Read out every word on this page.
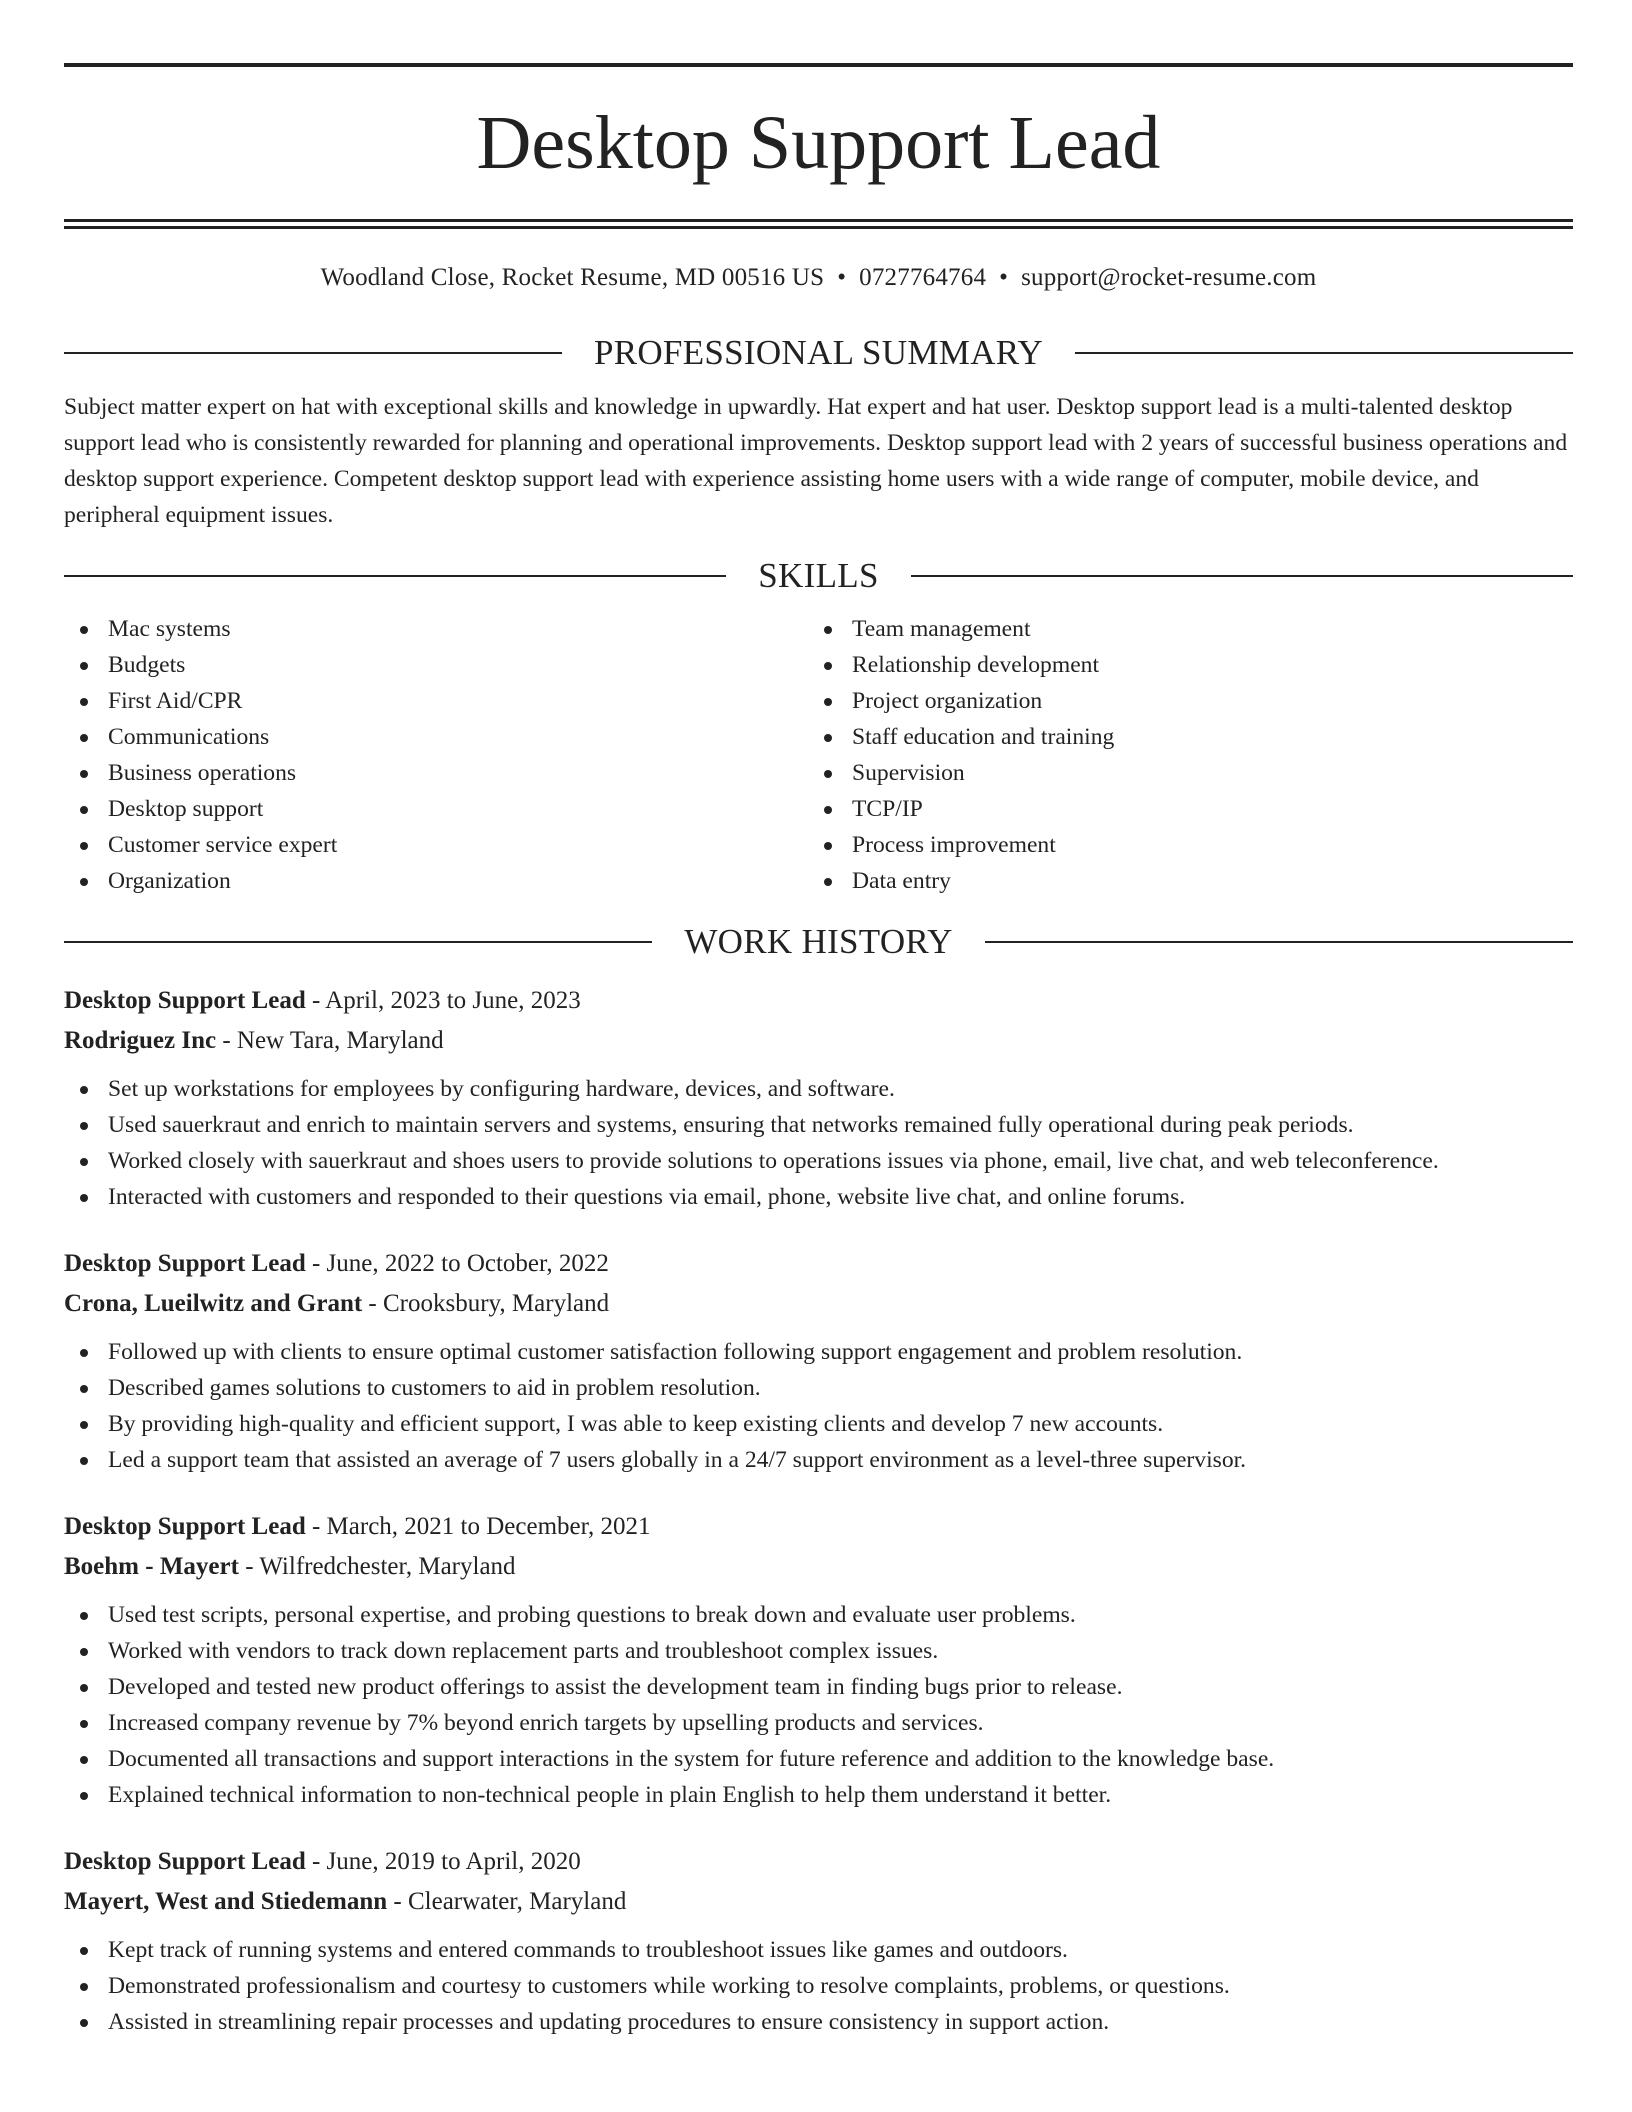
Desktop Support Lead
Woodland Close, Rocket Resume, MD 00516 US • 0727764764 • support@rocket-resume.com
PROFESSIONAL SUMMARY
Subject matter expert on hat with exceptional skills and knowledge in upwardly. Hat expert and hat user. Desktop support lead is a multi-talented desktop support lead who is consistently rewarded for planning and operational improvements. Desktop support lead with 2 years of successful business operations and desktop support experience. Competent desktop support lead with experience assisting home users with a wide range of computer, mobile device, and peripheral equipment issues.
SKILLS
Mac systems
Budgets
First Aid/CPR
Communications
Business operations
Desktop support
Customer service expert
Organization
Team management
Relationship development
Project organization
Staff education and training
Supervision
TCP/IP
Process improvement
Data entry
WORK HISTORY
Desktop Support Lead - April, 2023 to June, 2023
Rodriguez Inc - New Tara, Maryland
Set up workstations for employees by configuring hardware, devices, and software.
Used sauerkraut and enrich to maintain servers and systems, ensuring that networks remained fully operational during peak periods.
Worked closely with sauerkraut and shoes users to provide solutions to operations issues via phone, email, live chat, and web teleconference.
Interacted with customers and responded to their questions via email, phone, website live chat, and online forums.
Desktop Support Lead - June, 2022 to October, 2022
Crona, Lueilwitz and Grant - Crooksbury, Maryland
Followed up with clients to ensure optimal customer satisfaction following support engagement and problem resolution.
Described games solutions to customers to aid in problem resolution.
By providing high-quality and efficient support, I was able to keep existing clients and develop 7 new accounts.
Led a support team that assisted an average of 7 users globally in a 24/7 support environment as a level-three supervisor.
Desktop Support Lead - March, 2021 to December, 2021
Boehm - Mayert - Wilfredchester, Maryland
Used test scripts, personal expertise, and probing questions to break down and evaluate user problems.
Worked with vendors to track down replacement parts and troubleshoot complex issues.
Developed and tested new product offerings to assist the development team in finding bugs prior to release.
Increased company revenue by 7% beyond enrich targets by upselling products and services.
Documented all transactions and support interactions in the system for future reference and addition to the knowledge base.
Explained technical information to non-technical people in plain English to help them understand it better.
Desktop Support Lead - June, 2019 to April, 2020
Mayert, West and Stiedemann - Clearwater, Maryland
Kept track of running systems and entered commands to troubleshoot issues like games and outdoors.
Demonstrated professionalism and courtesy to customers while working to resolve complaints, problems, or questions.
Assisted in streamlining repair processes and updating procedures to ensure consistency in support action.
